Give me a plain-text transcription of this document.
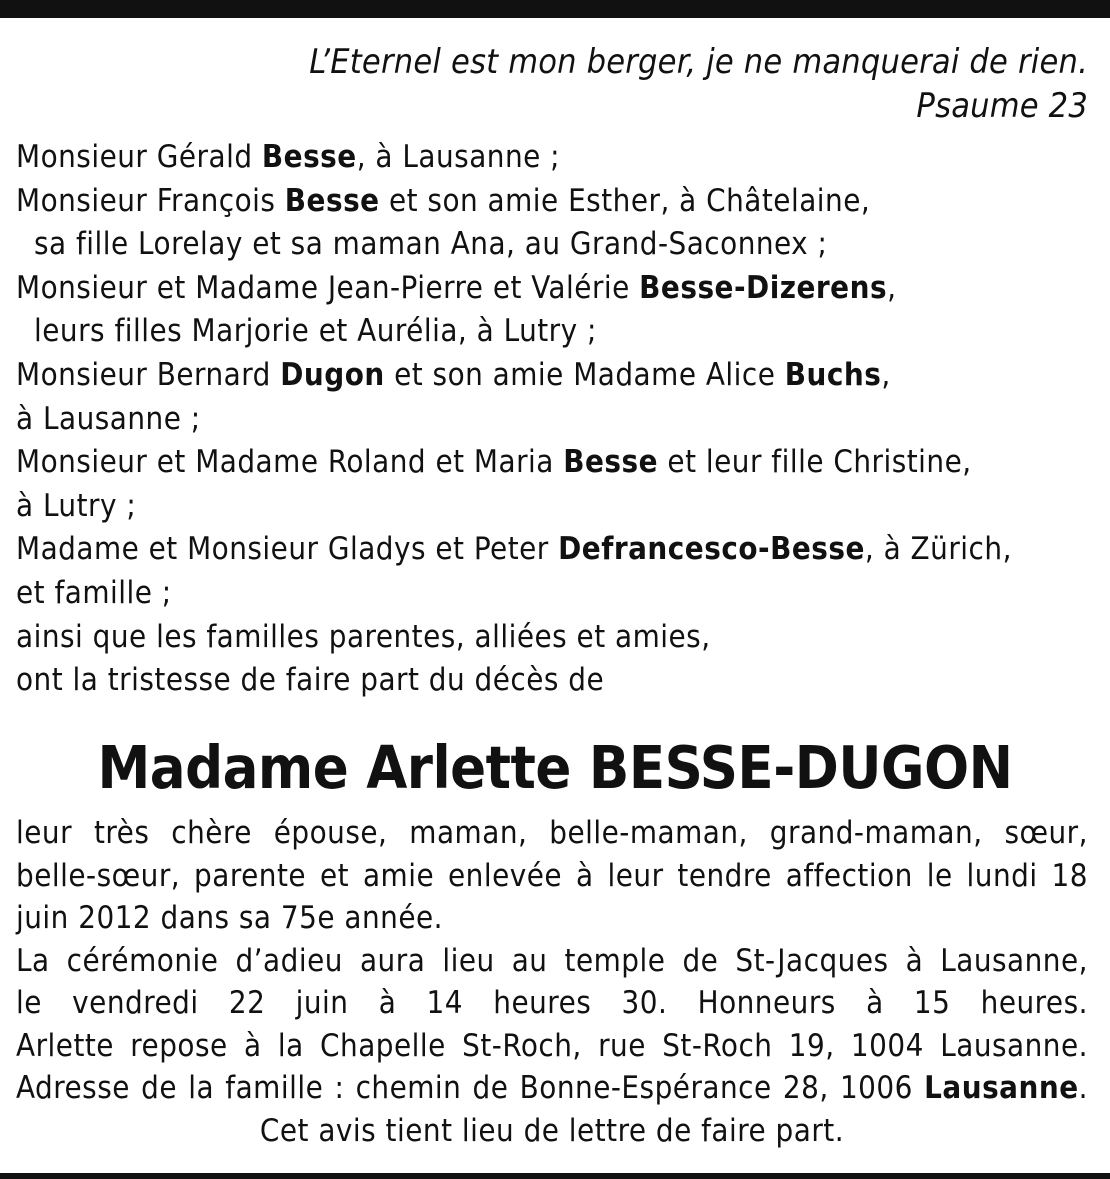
L’Eternel est mon berger, je ne manquerai de rien.
Psaume 23
Monsieur Gérald Besse, à Lausanne ;
Monsieur François Besse et son amie Esther, à Châtelaine,
sa fille Lorelay et sa maman Ana, au Grand-Saconnex ;
Monsieur et Madame Jean-Pierre et Valérie Besse-Dizerens,
leurs filles Marjorie et Aurélia, à Lutry ;
Monsieur Bernard Dugon et son amie Madame Alice Buchs,
à Lausanne ;
Monsieur et Madame Roland et Maria Besse et leur fille Christine,
à Lutry ;
Madame et Monsieur Gladys et Peter Defrancesco-Besse, à Zürich,
et famille ;
ainsi que les familles parentes, alliées et amies,
ont la tristesse de faire part du décès de
Madame Arlette BESSE-DUGON
leur très chère épouse, maman, belle-maman, grand-maman, sœur,
belle-sœur, parente et amie enlevée à leur tendre affection le lundi 18
juin 2012 dans sa 75e année.
La cérémonie d’adieu aura lieu au temple de St-Jacques à Lausanne,
le vendredi 22 juin à 14 heures 30. Honneurs à 15 heures.
Arlette repose à la Chapelle St-Roch, rue St-Roch 19, 1004 Lausanne.
Adresse de la famille : chemin de Bonne-Espérance 28, 1006 Lausanne.
Cet avis tient lieu de lettre de faire part.
